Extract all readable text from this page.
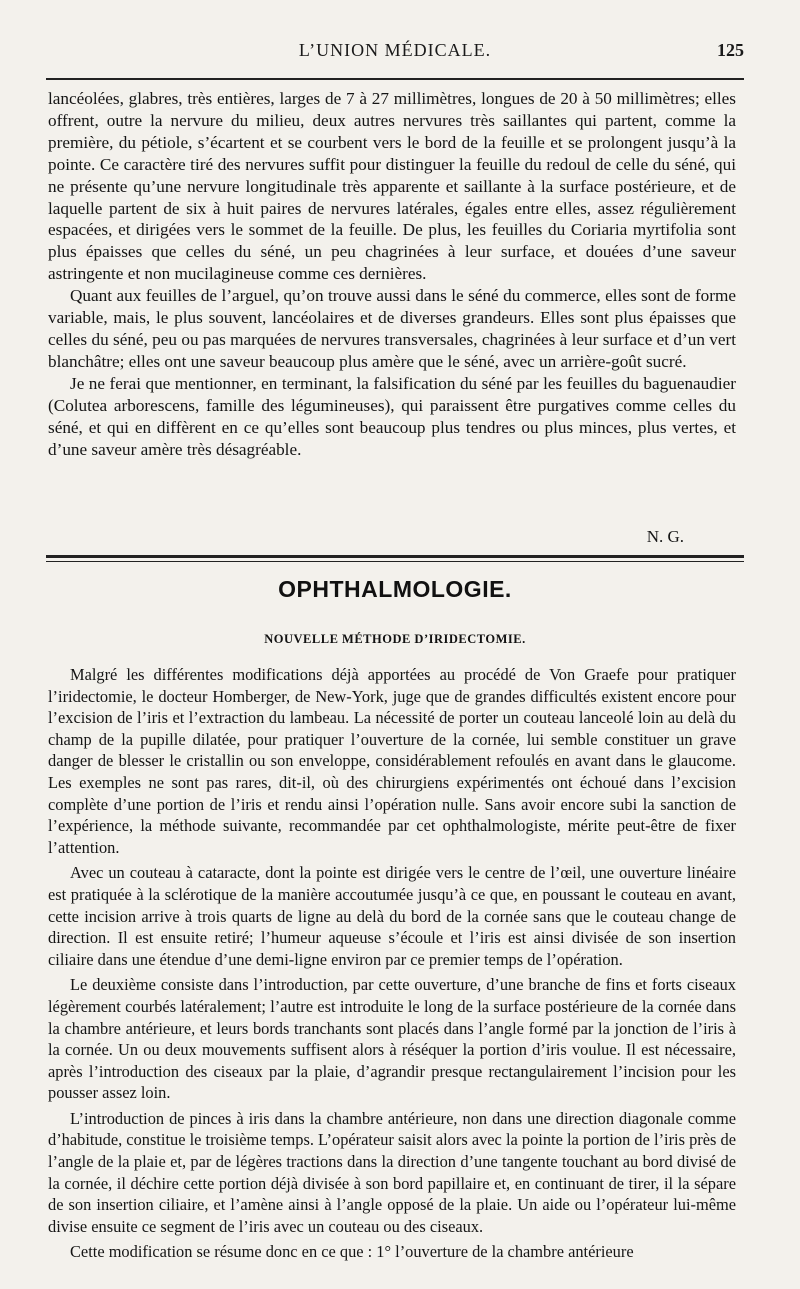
L’UNION MÉDICALE.	125

lancéolées, glabres, très entières, larges de 7 à 27 millimètres, longues de 20 à 50 millimètres; elles offrent, outre la nervure du milieu, deux autres nervures très saillantes qui partent, comme la première, du pétiole, s’écartent et se courbent vers le bord de la feuille et se prolongent jusqu’à la pointe. Ce caractère tiré des nervures suffit pour distinguer la feuille du redoul de celle du séné, qui ne présente qu’une nervure longitudinale très apparente et saillante à la surface postérieure, et de laquelle partent de six à huit paires de nervures latérales, égales entre elles, assez régulièrement espacées, et dirigées vers le sommet de la feuille. De plus, les feuilles du Coriaria myrtifolia sont plus épaisses que celles du séné, un peu chagrinées à leur surface, et douées d’une saveur astringente et non mucilagineuse comme ces dernières.

Quant aux feuilles de l’arguel, qu’on trouve aussi dans le séné du commerce, elles sont de forme variable, mais, le plus souvent, lancéolaires et de diverses grandeurs. Elles sont plus épaisses que celles du séné, peu ou pas marquées de nervures transversales, chagrinées à leur surface et d’un vert blanchâtre; elles ont une saveur beaucoup plus amère que le séné, avec un arrière-goût sucré.

Je ne ferai que mentionner, en terminant, la falsification du séné par les feuilles du baguenaudier (Colutea arborescens, famille des légumineuses), qui paraissent être purgatives comme celles du séné, et qui en diffèrent en ce qu’elles sont beaucoup plus tendres ou plus minces, plus vertes, et d’une saveur amère très désagréable.

N. G.
OPHTHALMOLOGIE.
NOUVELLE MÉTHODE D’IRIDECTOMIE.

Malgré les différentes modifications déjà apportées au procédé de Von Graefe pour pratiquer l’iridectomie, le docteur Homberger, de New-York, juge que de grandes difficultés existent encore pour l’excision de l’iris et l’extraction du lambeau. La nécessité de porter un couteau lanceolé loin au delà du champ de la pupille dilatée, pour pratiquer l’ouverture de la cornée, lui semble constituer un grave danger de blesser le cristallin ou son enveloppe, considérablement refoulés en avant dans le glaucome. Les exemples ne sont pas rares, dit-il, où des chirurgiens expérimentés ont échoué dans l’excision complète d’une portion de l’iris et rendu ainsi l’opération nulle. Sans avoir encore subi la sanction de l’expérience, la méthode suivante, recommandée par cet ophthalmologiste, mérite peut-être de fixer l’attention.

Avec un couteau à cataracte, dont la pointe est dirigée vers le centre de l’œil, une ouverture linéaire est pratiquée à la sclérotique de la manière accoutumée jusqu’à ce que, en poussant le couteau en avant, cette incision arrive à trois quarts de ligne au delà du bord de la cornée sans que le couteau change de direction. Il est ensuite retiré; l’humeur aqueuse s’écoule et l’iris est ainsi divisée de son insertion ciliaire dans une étendue d’une demi-ligne environ par ce premier temps de l’opération.

Le deuxième consiste dans l’introduction, par cette ouverture, d’une branche de fins et forts ciseaux légèrement courbés latéralement; l’autre est introduite le long de la surface postérieure de la cornée dans la chambre antérieure, et leurs bords tranchants sont placés dans l’angle formé par la jonction de l’iris à la cornée. Un ou deux mouvements suffisent alors à réséquer la portion d’iris voulue. Il est nécessaire, après l’introduction des ciseaux par la plaie, d’agrandir presque rectangulairement l’incision pour les pousser assez loin.

L’introduction de pinces à iris dans la chambre antérieure, non dans une direction diagonale comme d’habitude, constitue le troisième temps. L’opérateur saisit alors avec la pointe la portion de l’iris près de l’angle de la plaie et, par de légères tractions dans la direction d’une tangente touchant au bord divisé de la cornée, il déchire cette portion déjà divisée à son bord papillaire et, en continuant de tirer, il la sépare de son insertion ciliaire, et l’amène ainsi à l’angle opposé de la plaie. Un aide ou l’opérateur lui-même divise ensuite ce segment de l’iris avec un couteau ou des ciseaux.

Cette modification se résume donc en ce que : 1° l’ouverture de la chambre antérieure
